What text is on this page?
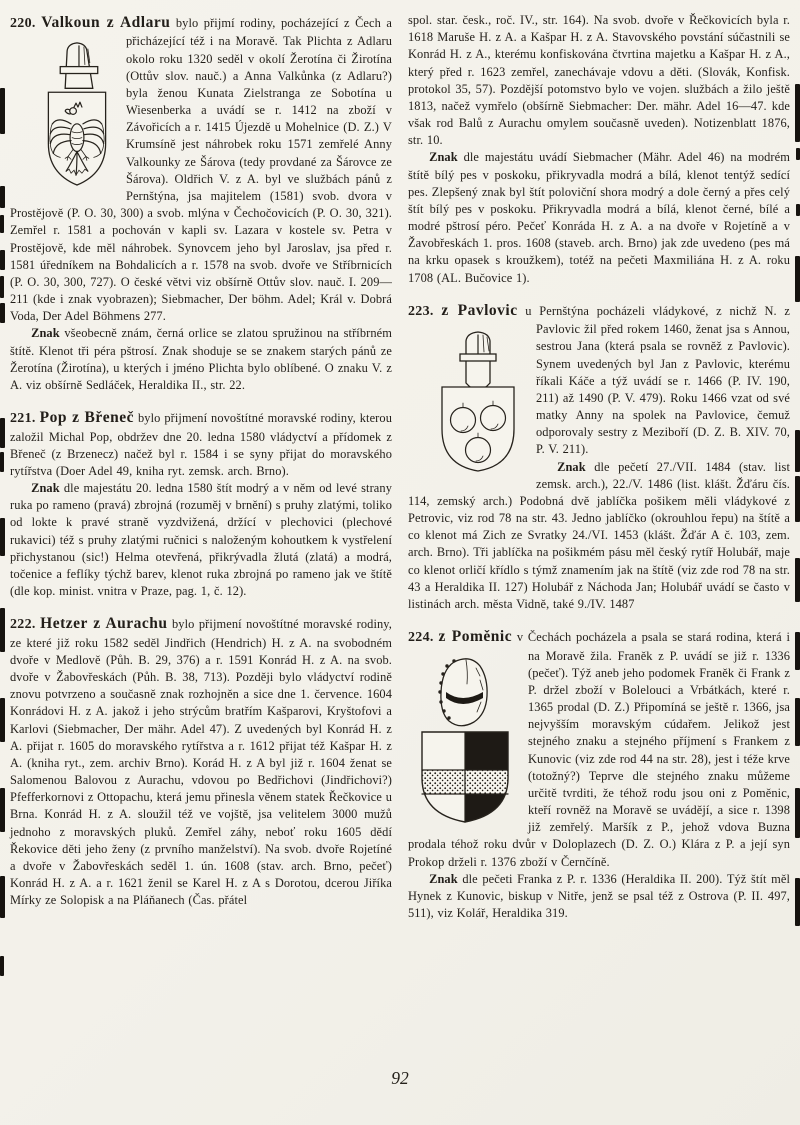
220. Valkoun z Adlaru bylo přijmí rodiny, pocházející z Čech a přicházející též i na Moravě. Tak Plichta z Adlaru okolo roku 1320 seděl v okolí Žerotína či Žirotína (Ottův slov. nauč.) a Anna Valkůnka (z Adlaru?) byla ženou Kunata Zielstranga ze Sobotína u Wiesenberka a uvádí se r. 1412 na zboží v Závořicích a r. 1415 Újezdě u Mohelnice (D. Z.) V Krumsíně jest náhrobek roku 1571 zemřelé Anny Valkounky ze Šárova (tedy provdané za Šárovce ze Šárova). Oldřich V. z A. byl ve službách pánů z Pernštýna, jsa majitelem (1581) svob. dvora v Prostějově (P. O. 30, 300) a svob. mlýna v Čechočovicích (P. O. 30, 321). Zemřel r. 1581 a pochován v kapli sv. Lazara v kostele sv. Petra v Prostějově, kde měl náhrobek. Synovcem jeho byl Jaroslav, jsa před r. 1581 úředníkem na Bohdalicích a r. 1578 na svob. dvoře ve Stříbrnicích (P. O. 30, 300, 727). O české větvi viz obšírně Ottův slov. nauč. I. 209—211 (kde i znak vyobrazen); Siebmacher, Der böhm. Adel; Král v. Dobrá Voda, Der Adel Böhmens 277.

Znak všeobecně znám, černá orlice se zlatou spružinou na stříbrném štítě. Klenot tři péra pštrosí. Znak shoduje se se znakem starých pánů ze Žerotína (Žirotína), u kterých i jméno Plichta bylo oblíbené. O znaku V. z A. viz obšírně Sedláček, Heraldika II., str. 22.

221. Pop z Břeneč bylo přijmení novoštítné moravské rodiny, kterou založil Michal Pop, obdržev dne 20. ledna 1580 vládyctví a přídomek z Břeneč (z Brzenecz) načež byl r. 1584 i se syny přijat do moravského rytířstva (Doer Adel 49, kniha ryt. zemsk. arch. Brno).

Znak dle majestátu 20. ledna 1580 štít modrý a v něm od levé strany ruka po rameno (pravá) zbrojná (rozuměj v brnění) s pruhy zlatými, toliko od lokte k pravé straně vyzdvižená, držící v plechovici (plechové rukavici) též s pruhy zlatými ručnici s naloženým kohoutkem k vystřelení přichystanou (sic!) Helma otevřená, přikrývadla žlutá (zlatá) a modrá, točenice a feflíky týchž barev, klenot ruka zbrojná po rameno jak ve štítě (dle kop. minist. vnitra v Praze, pag. 1, č. 12).

222. Hetzer z Aurachu bylo přijmení novoštítné moravské rodiny, ze které již roku 1582 seděl Jindřich (Hendrich) H. z A. na svobodném dvoře v Medlově (Půh. B. 29, 376) a r. 1591 Konrád H. z A. na svob. dvoře v Žabovřeskách (Půh. B. 38, 713). Později bylo vládyctví rodině znovu potvrzeno a současně znak rozhojněn a sice dne 1. července. 1604 Konrádovi H. z A. jakož i jeho strýcům bratřím Kašparovi, Kryštofovi a Karlovi (Siebmacher, Der mähr. Adel 47). Z uvedených byl Konrád H. z A. přijat r. 1605 do moravského rytířstva a r. 1612 přijat též Kašpar H. z A. (kniha ryt., zem. archiv Brno). Korád H. z A byl již r. 1604 ženat se Salomenou Balovou z Aurachu, vdovou po Bedřichovi (Jindřichovi?) Pfefferkornovi z Ottopachu, která jemu přinesla věnem statek Řečkovice u Brna. Konrád H. z A. sloužil též ve vojště, jsa velitelem 3000 mužů jednoho z moravských pluků. Zemřel záhy, neboť roku 1605 dědí Řekovice děti jeho ženy (z prvního manželství). Na svob. dvoře Rojetíné a dvoře v Žabovřeskách seděl 1. ún. 1608 (stav. arch. Brno, pečeť) Konrád H. z A. a r. 1621 ženil se Karel H. z A s Dorotou, dcerou Jiříka Mírky ze Solopisk a na Pláňanech (Čas. přátel

spol. star. česk., roč. IV., str. 164). Na svob. dvoře v Řečkovicích byla r. 1618 Maruše H. z A. a Kašpar H. z A. Stavovského povstání súčastnili se Konrád H. z A., kterému konfiskována čtvrtina majetku a Kašpar H. z A., který před r. 1623 zemřel, zanechávaje vdovu a děti. (Slovák, Konfisk. protokol 35, 57). Pozdější potomstvo bylo ve vojen. službách a žilo ještě 1813, načež vymřelo (obšírně Siebmacher: Der. mähr. Adel 16—47. kde však rod Balů z Aurachu omylem současně uveden). Notizenblatt 1876, str. 10.

Znak dle majestátu uvádí Siebmacher (Mähr. Adel 46) na modrém štítě bílý pes v poskoku, přikryvadla modrá a bílá, klenot tentýž sedící pes. Zlepšený znak byl štít poloviční shora modrý a dole černý a přes celý štít bílý pes v poskoku. Přikryvadla modrá a bílá, klenot černé, bílé a modré pštrosí péro. Pečeť Konráda H. z A. a na dvoře v Rojetíně a v Žavobřeskách 1. pros. 1608 (staveb. arch. Brno) jak zde uvedeno (pes má na krku opasek s kroužkem), totéž na pečeti Maxmiliána H. z A. roku 1708 (AL. Bučovice 1).

223. z Pavlovic u Pernštýna pocházeli vládykové, z nichž N. z Pavlovic žil před rokem 1460, ženat jsa s Annou, sestrou Jana (která psala se rovněž z Pavlovic). Synem uvedených byl Jan z Pavlovic, kterému říkali Káče a týž uvádí se r. 1466 (P. IV. 190, 211) až 1490 (P. V. 479). Roku 1466 vzat od své matky Anny na spolek na Pavlovice, čemuž odporovaly sestry z Meziboří (D. Z. B. XIV. 70, P. V. 211).

Znak dle pečetí 27./VII. 1484 (stav. list zemsk. arch.), 22./V. 1486 (list. klášt. Žďáru čís. 114, zemský arch.) Podobná dvě jablíčka pošikem měli vládykové z Petrovic, viz rod 78 na str. 43. Jedno jablíčko (okrouhlou řepu) na štítě a co klenot má Zich ze Svratky 24./VI. 1453 (klášt. Žďár A č. 103, zem. arch. Brno). Tři jablíčka na pošikmém pásu měl český rytíř Holubář, maje co klenot orličí křídlo s týmž znamením jak na štítě (viz zde rod 78 na str. 43 a Heraldika II. 127) Holubář z Náchoda Jan; Holubář uvádí se často v listinách arch. města Vidně, také 9./IV. 1487

224. z Poměnic v Čechách pocházela a psala se stará rodina, která i na Moravě žila. Franěk z P. uvádí se již r. 1336 (pečeť). Týž aneb jeho podomek Franěk či Frank z P. držel zboží v Bolelouci a Vrbátkách, které r. 1365 prodal (D. Z.) Připomíná se ještě r. 1366, jsa nejvyšším moravským cúdařem. Jelikož jest stejného znaku a stejného příjmení s Frankem z Kunovic (viz zde rod 44 na str. 28), jest i téže krve (totožný?) Teprve dle stejného znaku můžeme určitě tvrditi, že téhož rodu jsou oni z Poměnic, kteří rovněž na Moravě se uvádějí, a sice r. 1398 již zemřelý. Maršík z P., jehož vdova Buzna prodala téhož roku dvůr v Doloplazech (D. Z. O.) Klára z P. a její syn Prokop drželi r. 1376 zboží v Černčíně.

Znak dle pečeti Franka z P. r. 1336 (Heraldika II. 200). Týž štít měl Hynek z Kunovic, biskup v Nitře, jenž se psal též z Ostrova (P. II. 497, 511), viz Kolář, Heraldika 319.

92
